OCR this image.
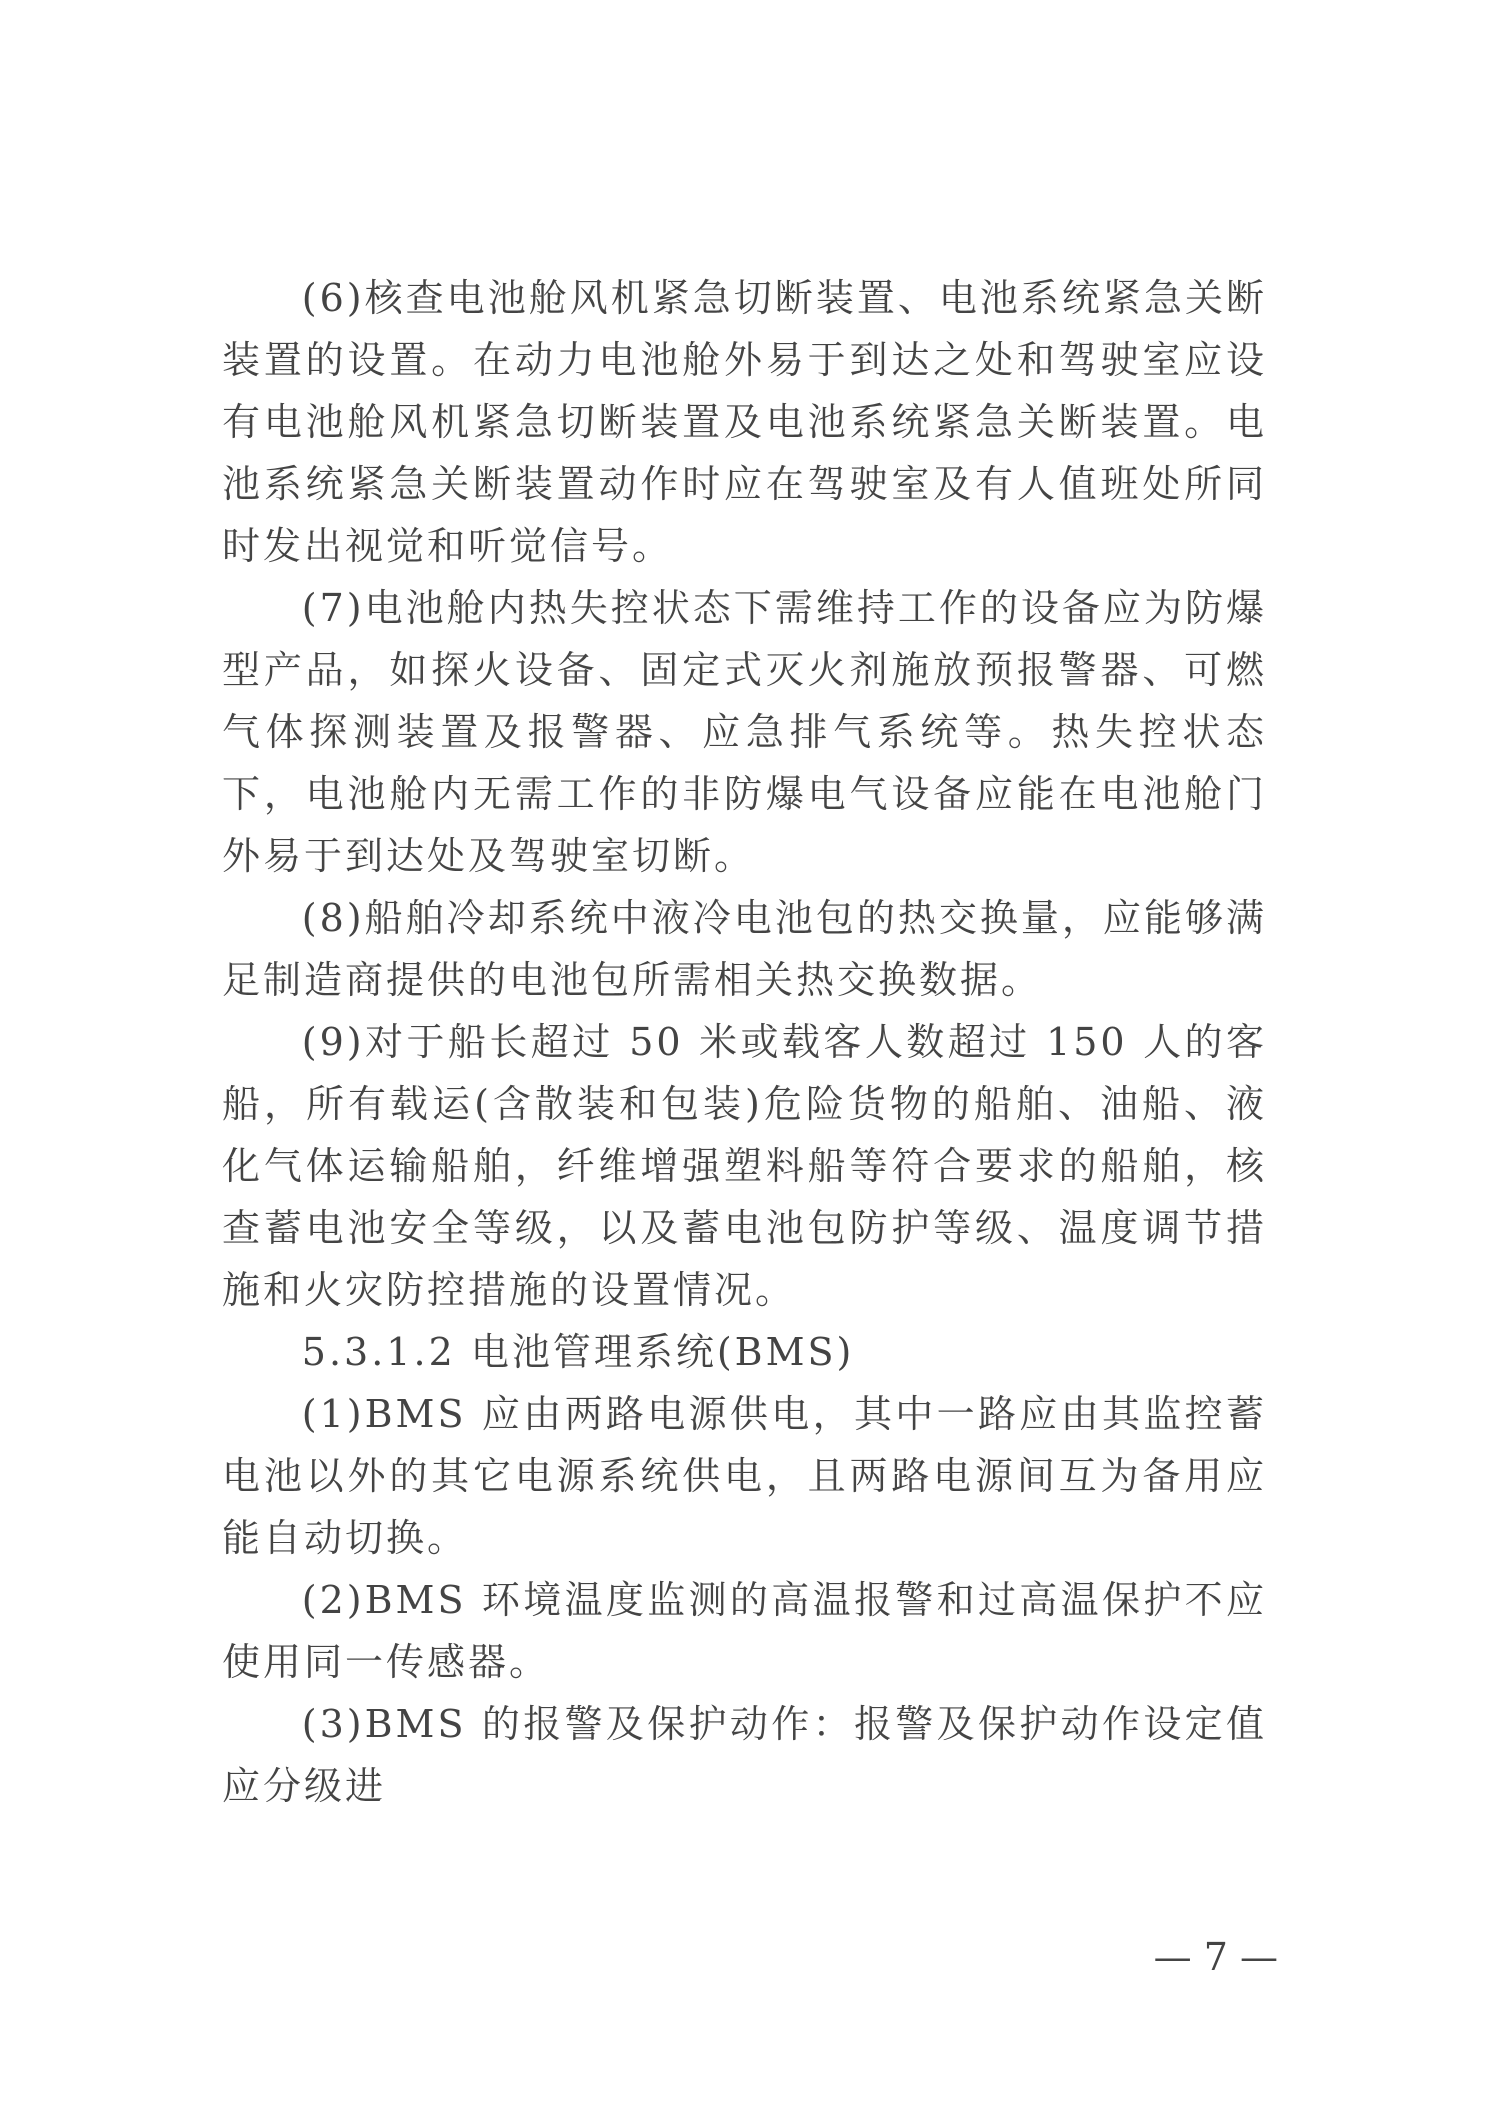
(6)核查电池舱风机紧急切断装置、电池系统紧急关断装置的设置。在动力电池舱外易于到达之处和驾驶室应设有电池舱风机紧急切断装置及电池系统紧急关断装置。电池系统紧急关断装置动作时应在驾驶室及有人值班处所同时发出视觉和听觉信号。

(7)电池舱内热失控状态下需维持工作的设备应为防爆型产品，如探火设备、固定式灭火剂施放预报警器、可燃气体探测装置及报警器、应急排气系统等。热失控状态下，电池舱内无需工作的非防爆电气设备应能在电池舱门外易于到达处及驾驶室切断。

(8)船舶冷却系统中液冷电池包的热交换量，应能够满足制造商提供的电池包所需相关热交换数据。

(9)对于船长超过 50 米或载客人数超过 150 人的客船，所有载运(含散装和包装)危险货物的船舶、油船、液化气体运输船舶，纤维增强塑料船等符合要求的船舶，核查蓄电池安全等级，以及蓄电池包防护等级、温度调节措施和火灾防控措施的设置情况。

5.3.1.2 电池管理系统(BMS)

(1)BMS 应由两路电源供电，其中一路应由其监控蓄电池以外的其它电源系统供电，且两路电源间互为备用应能自动切换。

(2)BMS 环境温度监测的高温报警和过高温保护不应使用同一传感器。

(3)BMS 的报警及保护动作：报警及保护动作设定值应分级进

— 7 —
